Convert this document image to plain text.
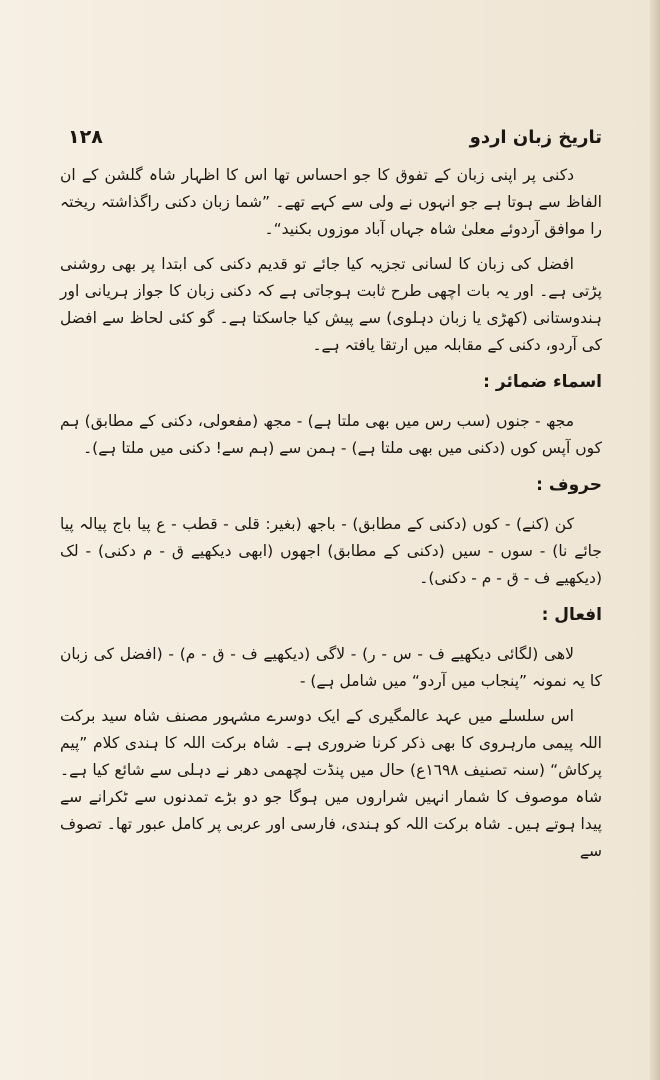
١٢٨	تاریخ زبان اردو

دکنی پر اپنی زبان کے تفوق کا جو احساس تھا اس کا اظہار شاہ گلشن کے ان الفاظ سے ہوتا ہے جو انہوں نے ولی سے کہے تھے۔ ”شما زبان دکنی راگذاشتہ ریختہ را موافق آردوئے معلیٰ شاہ جہاں آباد موزوں بکنید“۔

افضل کی زبان کا لسانی تجزیہ کیا جائے تو قدیم دکنی کی ابتدا پر بھی روشنی پڑتی ہے۔ اور یہ بات اچھی طرح ثابت ہوجاتی ہے کہ دکنی زبان کا جواز ہریانی اور ہندوستانی (کھڑی یا زبان دہلوی) سے پیش کیا جاسکتا ہے۔ گو کئی لحاظ سے افضل کی آردو، دکنی کے مقابلہ میں ارتقا یافتہ ہے۔

اسماء ضمائر :

مجھ - جنوں (سب رس میں بھی ملتا ہے) - مجھ (مفعولی، دکنی کے مطابق) ہم کوں آپس کوں (دکنی میں بھی ملتا ہے) - ہمن سے (ہم سے! دکنی میں ملتا ہے)۔

حروف :

کن (کنے) - کوں (دکنی کے مطابق) - باجھ (بغیر: قلی - قطب - ع پیا باج پیالہ پیا جائے نا) - سوں - سیں (دکنی کے مطابق) اجھوں (ابھی دیکھیے ق - م دکنی) - لک (دیکھیے ف - ق - م - دکنی)۔

افعال :

لاھی (لگائی دیکھیے ف - س - ر) - لاگی (دیکھیے ف - ق - م) - (افضل کی زبان کا یہ نمونہ ”پنجاب میں آردو“ میں شامل ہے) -

اس سلسلے میں عہد عالمگیری کے ایک دوسرے مشہور مصنف شاہ سید برکت اللہ پیمی مارہروی کا بھی ذکر کرنا ضروری ہے۔ شاہ برکت اللہ کا ہندی کلام ”پیم پرکاش“ (سنہ تصنیف ١٦٩٨ع) حال میں پنڈت لچھمی دھر نے دہلی سے شائع کیا ہے۔ شاہ موصوف کا شمار انہیں شراروں میں ہوگا جو دو بڑے تمدنوں سے ٹکرانے سے پیدا ہوتے ہیں۔ شاہ برکت اللہ کو ہندی، فارسی اور عربی پر کامل عبور تھا۔ تصوف سے
